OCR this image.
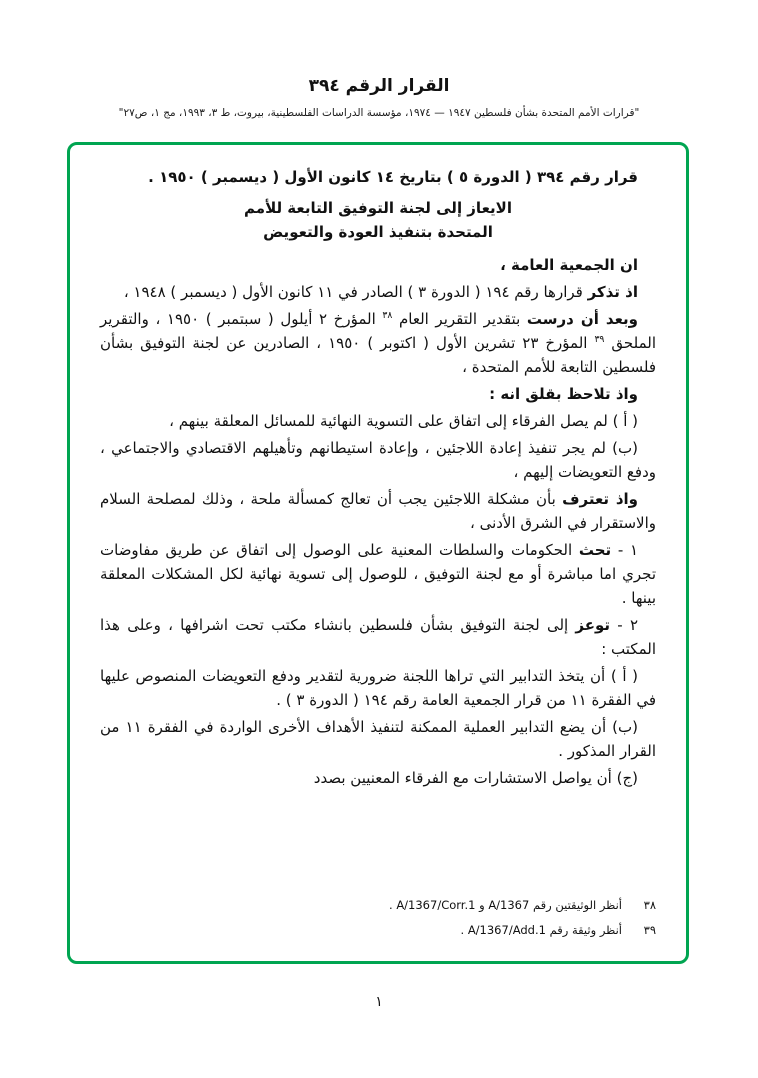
القرار الرقم ٣٩٤
"قرارات الأمم المتحدة بشأن فلسطين ١٩٤٧ — ١٩٧٤، مؤسسة الدراسات الفلسطينية، بيروت، ط ٣، ١٩٩٣، مج ١، ص٢٧"

قرار رقم ٣٩٤ ( الدورة ٥ ) بتاريخ ١٤ كانون الأول ( ديسمبر ) ١٩٥٠ .

الايعاز إلى لجنة التوفيق التابعة للأمم

المتحدة بتنفيذ العودة والتعويض

ان الجمعية العامة ،

اذ تذكر قرارها رقم ١٩٤ ( الدورة ٣ ) الصادر في ١١ كانون الأول ( ديسمبر ) ١٩٤٨ ،

وبعد أن درست بتقدير التقرير العام $^{٣٨}$ المؤرخ ٢ أيلول ( سبتمبر ) ١٩٥٠ ، والتقرير الملحق $^{٣٩}$ المؤرخ ٢٣ تشرين الأول ( اكتوبر ) ١٩٥٠ ، الصادرين عن لجنة التوفيق بشأن فلسطين التابعة للأمم المتحدة ،

واذ تلاحظ بقلق انه :

( أ ) لم يصل الفرقاء إلى اتفاق على التسوية النهائية للمسائل المعلقة بينهم ،

(ب) لم يجر تنفيذ إعادة اللاجئين ، وإعادة استيطانهم وتأهيلهم الاقتصادي والاجتماعي ، ودفع التعويضات إليهم ،

واذ تعترف بأن مشكلة اللاجئين يجب أن تعالج كمسألة ملحة ، وذلك لمصلحة السلام والاستقرار في الشرق الأدنى ،

١ - تحث الحكومات والسلطات المعنية على الوصول إلى اتفاق عن طريق مفاوضات تجري اما مباشرة أو مع لجنة التوفيق ، للوصول إلى تسوية نهائية لكل المشكلات المعلقة بينها .

٢ - توعز إلى لجنة التوفيق بشأن فلسطين بانشاء مكتب تحت اشرافها ، وعلى هذا المكتب :

( أ ) أن يتخذ التدابير التي تراها اللجنة ضرورية لتقدير ودفع التعويضات المنصوص عليها في الفقرة ١١ من قرار الجمعية العامة رقم ١٩٤ ( الدورة ٣ ) .

(ب) أن يضع التدابير العملية الممكنة لتنفيذ الأهداف الأخرى الواردة في الفقرة ١١ من القرار المذكور .

(ج) أن يواصل الاستشارات مع الفرقاء المعنيين بصدد

٣٨
أنظر الوثيقتين رقم A/1367 و A/1367/Corr.1 .
٣٩
أنظر وثيقة رقم A/1367/Add.1 .
١
